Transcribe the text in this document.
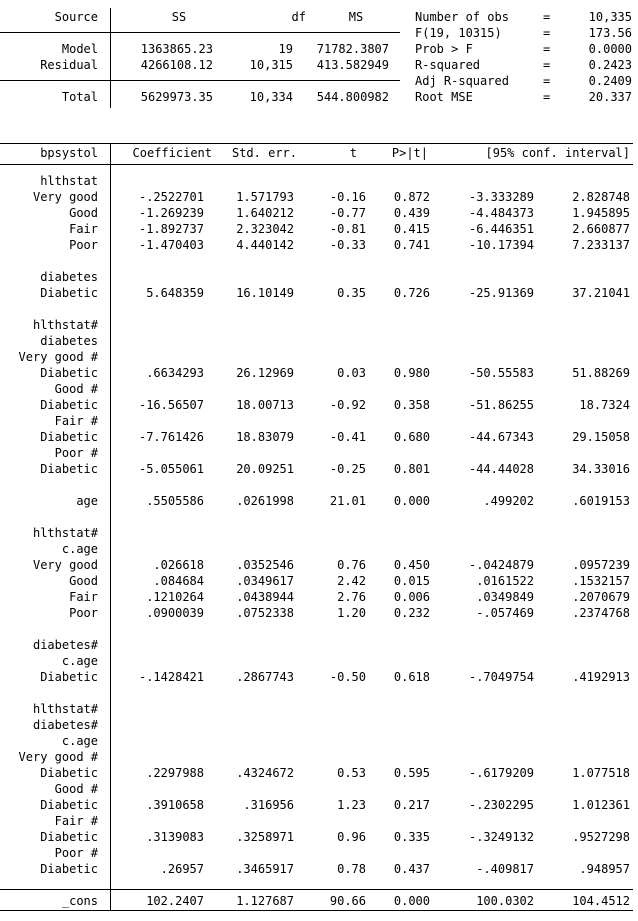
Source	SS	df	MS
Model	1363865.23	19	71782.3807
Residual	4266108.12	10,315	413.582949
Total	5629973.35	10,334	544.800982
Number of obs	=	10,335
F(19, 10315)	=	173.56
Prob > F	=	0.0000
R-squared	=	0.2423
Adj R-squared	=	0.2409
Root MSE	=	20.337
bpsystol	Coefficient	Std. err.	t	P>|t|	[95% conf. interval]
hlthstat
Very good	-.2522701	1.571793	-0.16	0.872	-3.333289	2.828748
Good	-1.269239	1.640212	-0.77	0.439	-4.484373	1.945895
Fair	-1.892737	2.323042	-0.81	0.415	-6.446351	2.660877
Poor	-1.470403	4.440142	-0.33	0.741	-10.17394	7.233137
diabetes
Diabetic	5.648359	16.10149	0.35	0.726	-25.91369	37.21041
hlthstat#
diabetes
Very good #
Diabetic	.6634293	26.12969	0.03	0.980	-50.55583	51.88269
Good #
Diabetic	-16.56507	18.00713	-0.92	0.358	-51.86255	18.7324
Fair #
Diabetic	-7.761426	18.83079	-0.41	0.680	-44.67343	29.15058
Poor #
Diabetic	-5.055061	20.09251	-0.25	0.801	-44.44028	34.33016
age	.5505586	.0261998	21.01	0.000	.499202	.6019153
hlthstat#
c.age
Very good	.026618	.0352546	0.76	0.450	-.0424879	.0957239
Good	.084684	.0349617	2.42	0.015	.0161522	.1532157
Fair	.1210264	.0438944	2.76	0.006	.0349849	.2070679
Poor	.0900039	.0752338	1.20	0.232	-.057469	.2374768
diabetes#
c.age
Diabetic	-.1428421	.2867743	-0.50	0.618	-.7049754	.4192913
hlthstat#
diabetes#
c.age
Very good #
Diabetic	.2297988	.4324672	0.53	0.595	-.6179209	1.077518
Good #
Diabetic	.3910658	.316956	1.23	0.217	-.2302295	1.012361
Fair #
Diabetic	.3139083	.3258971	0.96	0.335	-.3249132	.9527298
Poor #
Diabetic	.26957	.3465917	0.78	0.437	-.409817	.948957
_cons	102.2407	1.127687	90.66	0.000	100.0302	104.4512
